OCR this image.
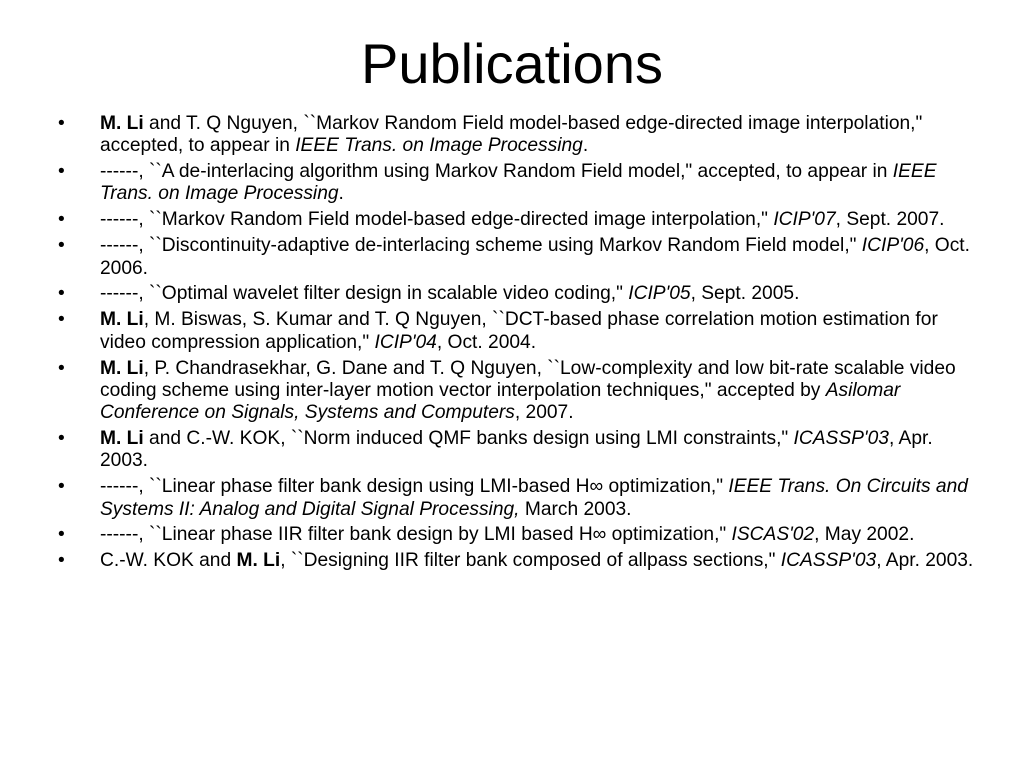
Publications
• M. Li and T. Q Nguyen, ``Markov Random Field model-based edge-directed image interpolation," accepted, to appear in IEEE Trans. on Image Processing.
• ------, ``A de-interlacing algorithm using Markov Random Field model," accepted, to appear in IEEE Trans. on Image Processing.
• ------, ``Markov Random Field model-based edge-directed image interpolation," ICIP'07, Sept. 2007.
• ------, ``Discontinuity-adaptive de-interlacing scheme using Markov Random Field model," ICIP'06, Oct. 2006.
• ------, ``Optimal wavelet filter design in scalable video coding," ICIP'05, Sept. 2005.
• M. Li, M. Biswas, S. Kumar and T. Q Nguyen, ``DCT-based phase correlation motion estimation for video compression application," ICIP'04, Oct. 2004.
• M. Li, P. Chandrasekhar, G. Dane and T. Q Nguyen, ``Low-complexity and low bit-rate scalable video coding scheme using inter-layer motion vector interpolation techniques," accepted by Asilomar Conference on Signals, Systems and Computers, 2007.
• M. Li and C.-W. KOK, ``Norm induced QMF banks design using LMI constraints," ICASSP'03, Apr. 2003.
• ------, ``Linear phase filter bank design using LMI-based H∞ optimization," IEEE Trans. On Circuits and Systems II: Analog and Digital Signal Processing, March 2003.
• ------, ``Linear phase IIR filter bank design by LMI based H∞ optimization," ISCAS'02, May 2002.
• C.-W. KOK and M. Li, ``Designing IIR filter bank composed of allpass sections," ICASSP'03, Apr. 2003.
